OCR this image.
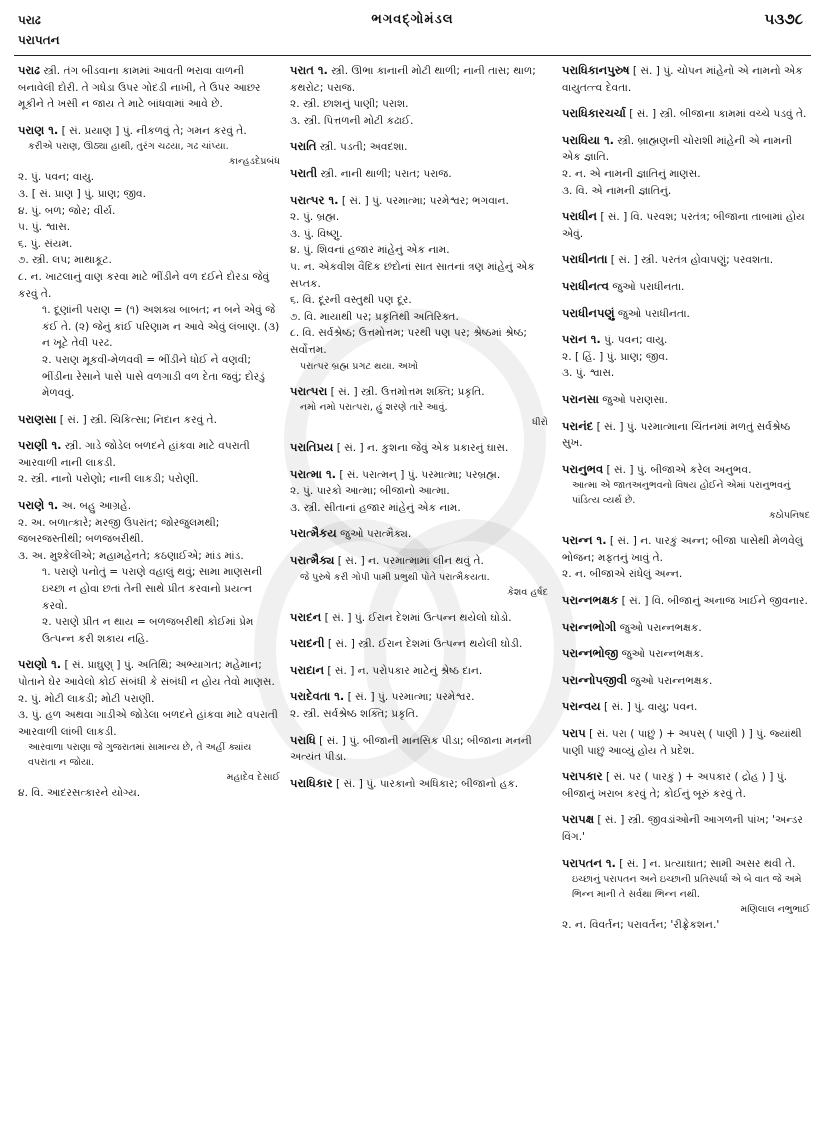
પરાઢ
પરાપતન
ભગવદ્ગોમંડલ	૫૩૭૮

પરાઢ સ્ત્રી. તંગ બીડવાના કામમાં આવતી ભરાવા વાળની બનાવેલી દોરી. તે ગધેડા ઉપર ગોદડી નાખી, તે ઉપર આછર મૂકીને તે ખસી ન જાય તે માટે બાંધવામાં આવે છે.

પરાણ ૧. [ સં. પ્રયાણ ] પું. નીકળવું તે; ગમન કરવું તે.

કરીએ પરાણ, ઊઠ્યા હાથી, તુરંગ ચઢયા, ગઢ ચાંપ્યા.

કાન્હડદેપ્રબંધ

૨. પું. પવન; વાયુ.

૩. [ સં. પ્રાણ ] પું. પ્રાણ; જીવ.

૪. પું. બળ; જોર; વીર્ય.

૫. પું. શ્વાસ.

૬. પું. સંયમ.

૭. સ્ત્રી. લપ; માથાકૂટ.

૮. ન. ખાટલાનું વાણ કરવા માટે ભીંડીને વળ દઈને દોરડા જેવું કરવું તે.

૧. દૂણાંની પરાણ = (૧) અશક્ય બાબત; ન બને એવું જે કંઈ તે. (૨) જેનું કાંઈ પરિણામ ન આવે એવું લંબાણ. (૩) ન ખૂટે તેવી પરઢ.

૨. પરાણ મૂકવી-મેળવવી = ભીંડીને ધોઈ ને વણવી; ભીંડીના રેસાને પાસે પાસે વળગાડી વળ દેતા જવું; દોરડું મેળવવું.

પરાણસા [ સં. ] સ્ત્રી. ચિકિત્સા; નિદાન કરવું તે.

પરાણી ૧. સ્ત્રી. ગાડે જોડેલ બળદને હાંકવા માટે વપરાતી આરવાળી નાની લાકડી.

૨. સ્ત્રી. નાનો પરોણો; નાની લાકડી; પરોણી.

પરાણે ૧. અ. બહુ આગ્રહે.

૨. અ. બળાત્કારે; મરજી ઉપરાંત; જોરજુલમથી; જબરજસ્તીથી; બળજબરીથી.

૩. અ. મુશ્કેલીએ; મહામહેનતે; કઠણાઈએ; માંડ માંડ.

૧. પરાણે પનોતું = પરાણે વહાલું થવું; સામા માણસની ઇચ્છા ન હોવા છતાં તેની સાથે પ્રીત કરવાનો પ્રયત્ન કરવો.

૨. પરાણે પ્રીત ન થાય = બળજબરીથી કોઈમાં પ્રેમ ઉત્પન્ન કરી શકાય નહિ.

પરાણો ૧. [ સં. પ્રાઘુણ્ ] પું. અતિથિ; અભ્યાગત; મહેમાન; પોતાને ઘેર આવેલો કોઈ સંબંધી કે સંબંધી ન હોય તેવો માણસ.

૨. પું. મોટી લાકડી; મોટી પરાણી.

૩. પું. હળ અથવા ગાડીએ જોડેલા બળદને હાંકવા માટે વપરાતી આરવાળી લાંબી લાકડી.

આરવાળા પરાણા જે ગુજરાતમાં સામાન્ય છે, તે અહીં ક્યાંય વપરાતા ન જોયા.

મહાદેવ દેસાઈ

૪. વિ. આદરસત્કારને યોગ્ય.

પરાત ૧. સ્ત્રી. ઊભા કાનાની મોટી થાળી; નાની તાસ; થાળ; કથરોટ; પરાજ.

૨. સ્ત્રી. છાશનું પાણી; પરાશ.

૩. સ્ત્રી. પિત્તળની મોટી કઢાઈ.

પરાતિ સ્ત્રી. પડતી; અવદશા.

પરાતી સ્ત્રી. નાની થાળી; પરાત; પરાજ.

પરાત્પર ૧. [ સં. ] પું. પરમાત્મા; પરમેશ્વર; ભગવાન.

૨. પું. બ્રહ્મ.

૩. પું. વિષ્ણુ.

૪. પું. શિવનાં હજાર માંહેનું એક નામ.

૫. ન. એકવીશ વૈદિક છંદોનાં સાત સાતનાં ત્રણ માંહેનું એક સપ્તક.

૬. વિ. દૂરની વસ્તુથી પણ દૂર.

૭. વિ. માયાથી પર; પ્રકૃતિથી અતિરિક્ત.

૮. વિ. સર્વશ્રેષ્ઠ; ઉત્તમોત્તમ; પરથી પણ પર; શ્રેષ્ઠમાં શ્રેષ્ઠ; સર્વોત્તમ.

પરાત્પર બ્રહ્મ પ્રગટ થયા. અખો

પરાત્પરા [ સં. ] સ્ત્રી. ઉત્તમોત્તમ શક્તિ; પ્રકૃતિ.

નમો નમો પરાત્પરા, હું શરણે તારે આવું.

ધીરો

પરાતિપ્રય [ સં. ] ન. કુશના જેવું એક પ્રકારનું ઘાસ.

પરાત્મા ૧. [ સં. પરાત્મન્ ] પું. પરમાત્મા; પરબ્રહ્મ.

૨. પું. પારકો આત્મા; બીજાનો આત્મા.

૩. સ્ત્રી. સીતાનાં હજાર માંહેનું એક નામ.

પરાત્મૈકય જુઓ પરાત્મૈક્ય.

પરાત્મૈક્ય [ સં. ] ન. પરમાત્મામાં લીન થવું તે.

જે પુરુષે કરી ગોપી પામી પ્રભુથી પોતે પરાત્મૈકયતા.

કેશવ હર્ષદ

પરાદન [ સં. ] પું. ઈરાન દેશમાં ઉત્પન્ન થયેલો ઘોડો.

પરાદની [ સં. ] સ્ત્રી. ઈરાન દેશમાં ઉત્પન્ન થયેલી ઘોડી.

પરાદાન [ સં. ] ન. પરોપકાર માટેનું શ્રેષ્ઠ દાન.

પરાદેવતા ૧. [ સં. ] પું. પરમાત્મા; પરમેશ્વર.

૨. સ્ત્રી. સર્વશ્રેષ્ઠ શક્તિ; પ્રકૃતિ.

પરાધિ [ સં. ] પું. બીજાની માનસિક પીડા; બીજાના મનની અત્યંત પીડા.

પરાધિકાર [ સં. ] પું. પારકાનો અધિકાર; બીજાનો હક.

પરાધિકાનપુરુષ [ સં. ] પું. ચોપન માંહેનો એ નામનો એક વાયુતત્ત્વ દેવતા.

પરાધિકારચર્ચા [ સં. ] સ્ત્રી. બીજાના કામમાં વચ્ચે પડવું તે.

પરાધિયા ૧. સ્ત્રી. બ્રાહ્મણની ચોરાશી માંહેની એ નામની એક જ્ઞાતિ.

૨. ન. એ નામની જ્ઞાતિનું માણસ.

૩. વિ. એ નામની જ્ઞાતિનું.

પરાધીન [ સં. ] વિ. પરવશ; પરતંત્ર; બીજાના તાબામાં હોય એવું.

પરાધીનતા [ સં. ] સ્ત્રી. પરતંત્ર હોવાપણું; પરવશતા.

પરાધીનત્વ જુઓ પરાધીનતા.

પરાધીનપણું જુઓ પરાધીનતા.

પરાન ૧. પું. પવન; વાયુ.

૨. [ હિં. ] પું. પ્રાણ; જીવ.

૩. પું. શ્વાસ.

પરાનસા જુઓ પરાણસા.

પરાનંદ [ સં. ] પું. પરમાત્માના ચિંતનમાં મળતું સર્વશ્રેષ્ઠ સુખ.

પરાનુભવ [ સં. ] પું. બીજાએ કરેલ અનુભવ.

આત્મા એ જાતઅનુભવનો વિષય હોઈને એમાં પરાનુભવનું પાંડિત્ય વ્યર્થ છે.

કઠોપનિષદ

પરાન્ન ૧. [ સં. ] ન. પારકું અન્ન; બીજા પાસેથી મેળવેલું ભોજન; મફતનું ખાવું તે.

૨. ન. બીજાએ રાંધેલું અન્ન.

પરાન્નભક્ષક [ સં. ] વિ. બીજાનું અનાજ ખાઈને જીવનાર.

પરાન્નભોગી જુઓ પરાન્નભક્ષક.

પરાન્નભોજી જુઓ પરાન્નભક્ષક.

પરાન્નોપજીવી જુઓ પરાન્નભક્ષક.

પરાન્વય [ સં. ] પું. વાયુ; પવન.

પરાપ [ સં. પરા ( પાછું ) + અપસ્ ( પાણી ) ] પું. જ્યાંથી પાણી પાછું આવ્યું હોય તે પ્રદેશ.

પરાપકાર [ સં. પર ( પારકું ) + અપકાર ( દ્રોહ ) ] પું. બીજાનું ખરાબ કરવું તે; કોઈનું બૂરું કરવું તે.

પરાપક્ષ [ સં. ] સ્ત્રી. જીવડાંઓની આગળની પાંખ; 'અન્ડર વિંગ.'

પરાપતન ૧. [ સં. ] ન. પ્રત્યાઘાત; સામી અસર થવી તે.

ઇચ્છાનું પરાપતન અને ઇચ્છાની પ્રતિસ્પર્ધા એ બે વાત જે અમે ભિન્ન માની તે સર્વથા ભિન્ન નથી.

મણિલાલ નભુભાઈ

૨. ન. વિવર્તન; પરાવર્તન; 'રીફ્રેકશન.'
